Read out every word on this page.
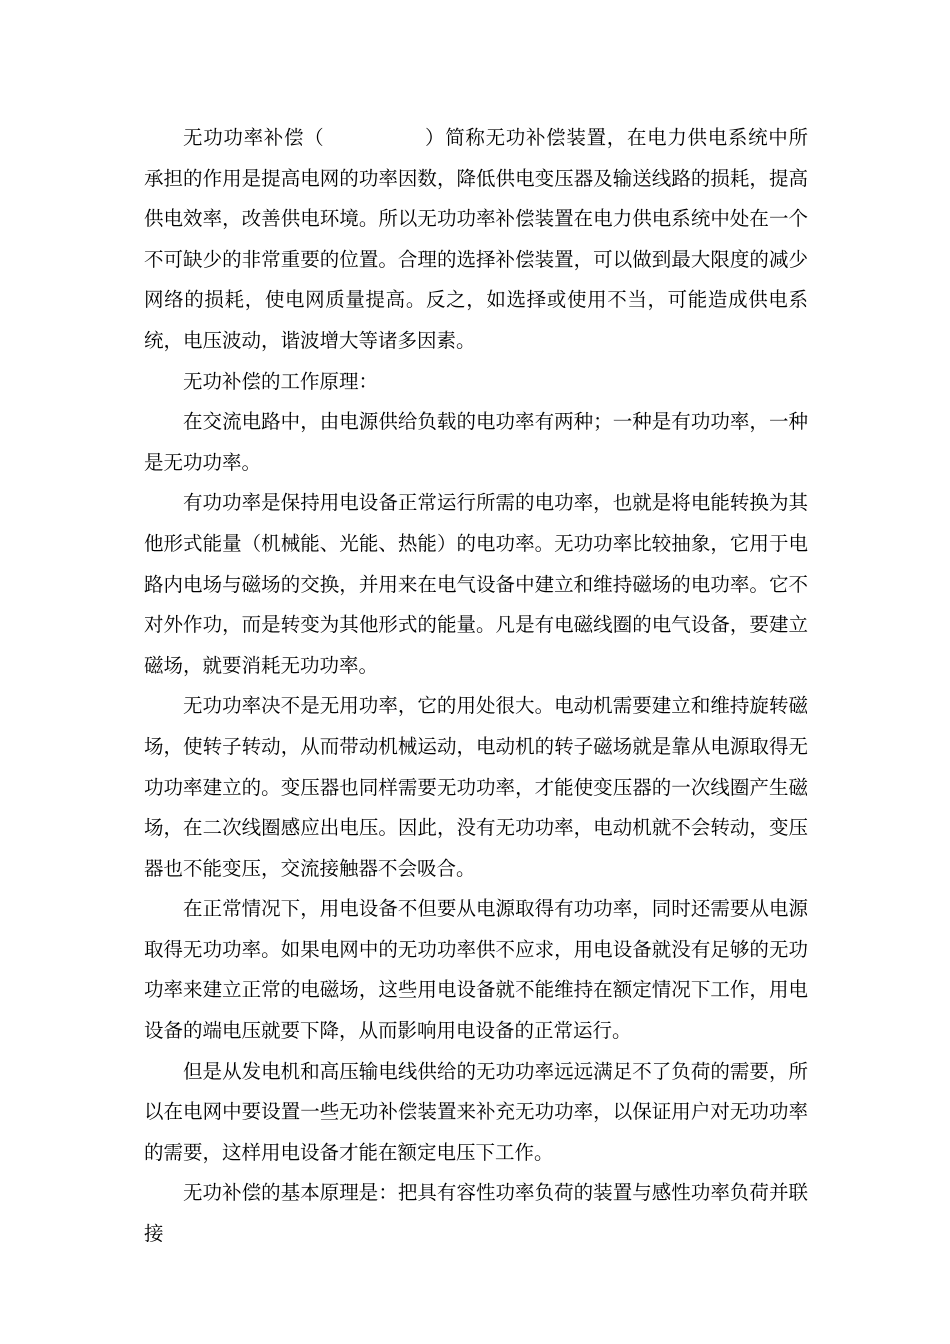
无功功率补偿（	）简称无功补偿装置，在电力供电系统中所承担的作用是提高电网的功率因数，降低供电变压器及输送线路的损耗，提高供电效率，改善供电环境。所以无功功率补偿装置在电力供电系统中处在一个不可缺少的非常重要的位置。合理的选择补偿装置，可以做到最大限度的减少网络的损耗，使电网质量提高。反之，如选择或使用不当，可能造成供电系统，电压波动，谐波增大等诸多因素。

无功补偿的工作原理：

在交流电路中，由电源供给负载的电功率有两种；一种是有功功率，一种是无功功率。

有功功率是保持用电设备正常运行所需的电功率，也就是将电能转换为其他形式能量（机械能、光能、热能）的电功率。无功功率比较抽象，它用于电路内电场与磁场的交换，并用来在电气设备中建立和维持磁场的电功率。它不对外作功，而是转变为其他形式的能量。凡是有电磁线圈的电气设备，要建立磁场，就要消耗无功功率。

无功功率决不是无用功率，它的用处很大。电动机需要建立和维持旋转磁场，使转子转动，从而带动机械运动，电动机的转子磁场就是靠从电源取得无功功率建立的。变压器也同样需要无功功率，才能使变压器的一次线圈产生磁场，在二次线圈感应出电压。因此，没有无功功率，电动机就不会转动，变压器也不能变压，交流接触器不会吸合。

在正常情况下，用电设备不但要从电源取得有功功率，同时还需要从电源取得无功功率。如果电网中的无功功率供不应求，用电设备就没有足够的无功功率来建立正常的电磁场，这些用电设备就不能维持在额定情况下工作，用电设备的端电压就要下降，从而影响用电设备的正常运行。

但是从发电机和高压输电线供给的无功功率远远满足不了负荷的需要，所以在电网中要设置一些无功补偿装置来补充无功功率，以保证用户对无功功率的需要，这样用电设备才能在额定电压下工作。

无功补偿的基本原理是：把具有容性功率负荷的装置与感性功率负荷并联接
